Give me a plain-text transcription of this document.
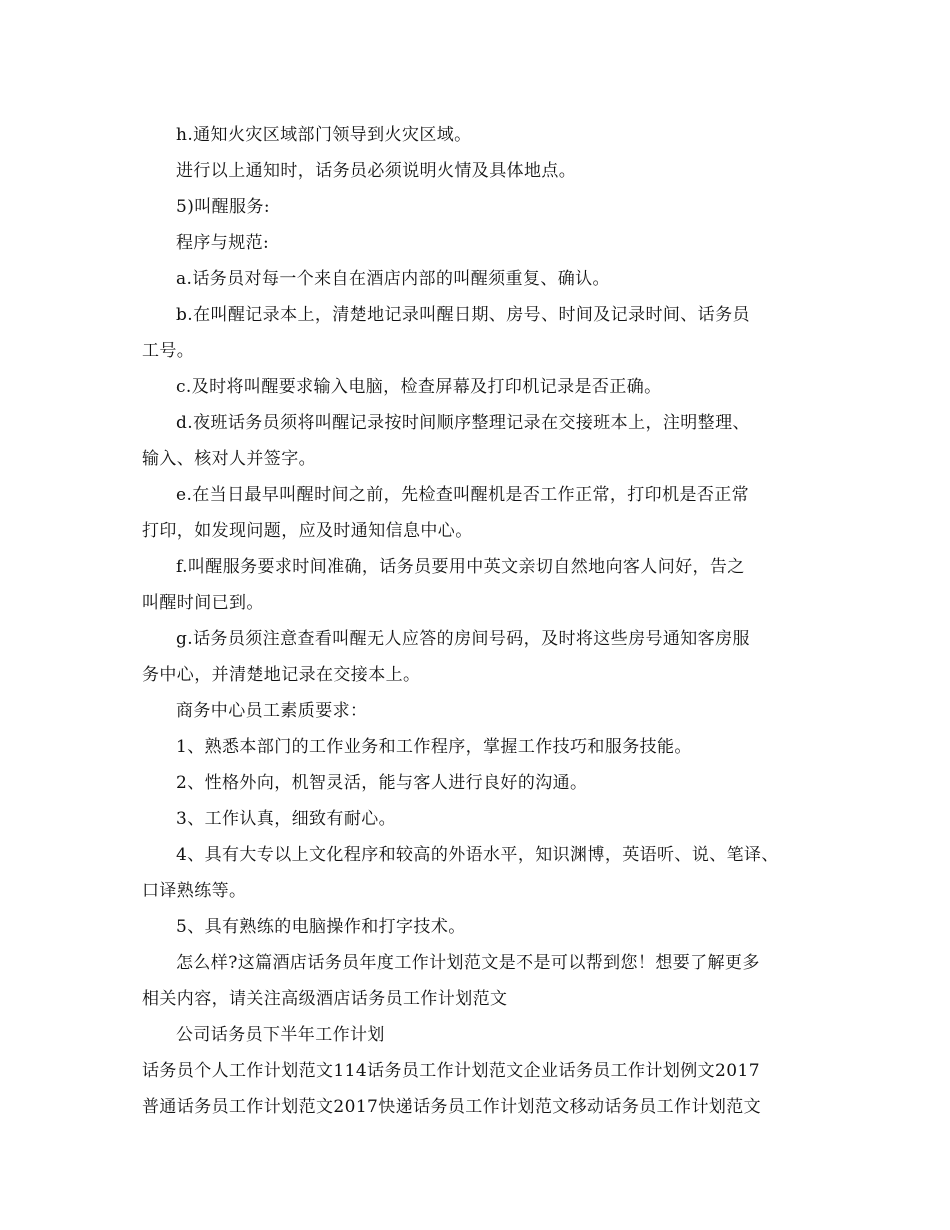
h.通知火灾区域部门领导到火灾区域。

进行以上通知时，话务员必须说明火情及具体地点。

5)叫醒服务:

程序与规范:

a.话务员对每一个来自在酒店内部的叫醒须重复、确认。

b.在叫醒记录本上，清楚地记录叫醒日期、房号、时间及记录时间、话务员
工号。

c.及时将叫醒要求输入电脑，检查屏幕及打印机记录是否正确。

d.夜班话务员须将叫醒记录按时间顺序整理记录在交接班本上，注明整理、
输入、核对人并签字。

e.在当日最早叫醒时间之前，先检查叫醒机是否工作正常，打印机是否正常
打印，如发现问题，应及时通知信息中心。

f.叫醒服务要求时间准确，话务员要用中英文亲切自然地向客人问好，告之
叫醒时间已到。

g.话务员须注意查看叫醒无人应答的房间号码，及时将这些房号通知客房服
务中心，并清楚地记录在交接本上。

商务中心员工素质要求：

1、熟悉本部门的工作业务和工作程序，掌握工作技巧和服务技能。

2、性格外向，机智灵活，能与客人进行良好的沟通。

3、工作认真，细致有耐心。

4、具有大专以上文化程序和较高的外语水平，知识渊博，英语听、说、笔译、
口译熟练等。

5、具有熟练的电脑操作和打字技术。

怎么样?这篇酒店话务员年度工作计划范文是不是可以帮到您！想要了解更多
相关内容，请关注高级酒店话务员工作计划范文

公司话务员下半年工作计划

话务员个人工作计划范文114话务员工作计划范文企业话务员工作计划例文2017
普通话务员工作计划范文2017快递话务员工作计划范文移动话务员工作计划范文
